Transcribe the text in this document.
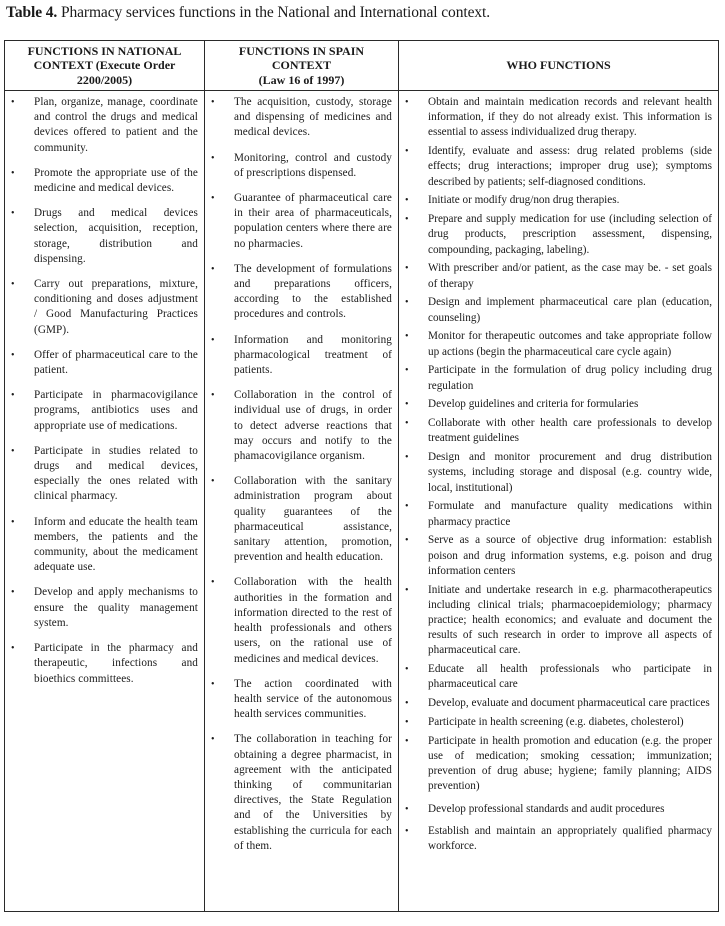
Table 4. Pharmacy services functions in the National and International context.
FUNCTIONS IN NATIONAL
CONTEXT (Execute Order
2200/2005)

FUNCTIONS IN SPAIN
CONTEXT
(Law 16 of 1997)

WHO FUNCTIONS

• Plan, organize, manage, coordinate and control the drugs and medical devices offered to patient and the community.
• Promote the appropriate use of the medicine and medical devices.
• Drugs and medical devices selection, acquisition, reception, storage, distribution and dispensing.
• Carry out preparations, mixture, conditioning and doses adjustment / Good Manufacturing Practices (GMP).
• Offer of pharmaceutical care to the patient.
• Participate in pharmacovigilance programs, antibiotics uses and appropriate use of medications.
• Participate in studies related to drugs and medical devices, especially the ones related with clinical pharmacy.
• Inform and educate the health team members, the patients and the community, about the medicament adequate use.
• Develop and apply mechanisms to ensure the quality management system.
• Participate in the pharmacy and therapeutic, infections and bioethics committees.

• The acquisition, custody, storage and dispensing of medicines and medical devices.
• Monitoring, control and custody of prescriptions dispensed.
• Guarantee of pharmaceutical care in their area of pharmaceuticals, population centers where there are no pharmacies.
• The development of formulations and preparations officers, according to the established procedures and controls.
• Information and monitoring pharmacological treatment of patients.
• Collaboration in the control of individual use of drugs, in order to detect adverse reactions that may occurs and notify to the phamacovigilance organism.
• Collaboration with the sanitary administration program about quality guarantees of the pharmaceutical assistance, sanitary attention, promotion, prevention and health education.
• Collaboration with the health authorities in the formation and information directed to the rest of health professionals and others users, on the rational use of medicines and medical devices.
• The action coordinated with health service of the autonomous health services communities.
• The collaboration in teaching for obtaining a degree pharmacist, in agreement with the anticipated thinking of communitarian directives, the State Regulation and of the Universities by establishing the curricula for each of them.

• Obtain and maintain medication records and relevant health information, if they do not already exist. This information is essential to assess individualized drug therapy.
• Identify, evaluate and assess: drug related problems (side effects; drug interactions; improper drug use); symptoms described by patients; self-diagnosed conditions.
• Initiate or modify drug/non drug therapies.
• Prepare and supply medication for use (including selection of drug products, prescription assessment, dispensing, compounding, packaging, labeling).
• With prescriber and/or patient, as the case may be. - set goals of therapy
• Design and implement pharmaceutical care plan (education, counseling)
• Monitor for therapeutic outcomes and take appropriate follow up actions (begin the pharmaceutical care cycle again)
• Participate in the formulation of drug policy including drug regulation
• Develop guidelines and criteria for formularies
• Collaborate with other health care professionals to develop treatment guidelines
• Design and monitor procurement and drug distribution systems, including storage and disposal (e.g. country wide, local, institutional)
• Formulate and manufacture quality medications within pharmacy practice
• Serve as a source of objective drug information: establish poison and drug information systems, e.g. poison and drug information centers
• Initiate and undertake research in e.g. pharmacotherapeutics including clinical trials; pharmacoepidemiology; pharmacy practice; health economics; and evaluate and document the results of such research in order to improve all aspects of pharmaceutical care.
• Educate all health professionals who participate in pharmaceutical care
• Develop, evaluate and document pharmaceutical care practices
• Participate in health screening (e.g. diabetes, cholesterol)
• Participate in health promotion and education (e.g. the proper use of medication; smoking cessation; immunization; prevention of drug abuse; hygiene; family planning; AIDS prevention)
• Develop professional standards and audit procedures
• Establish and maintain an appropriately qualified pharmacy workforce.
